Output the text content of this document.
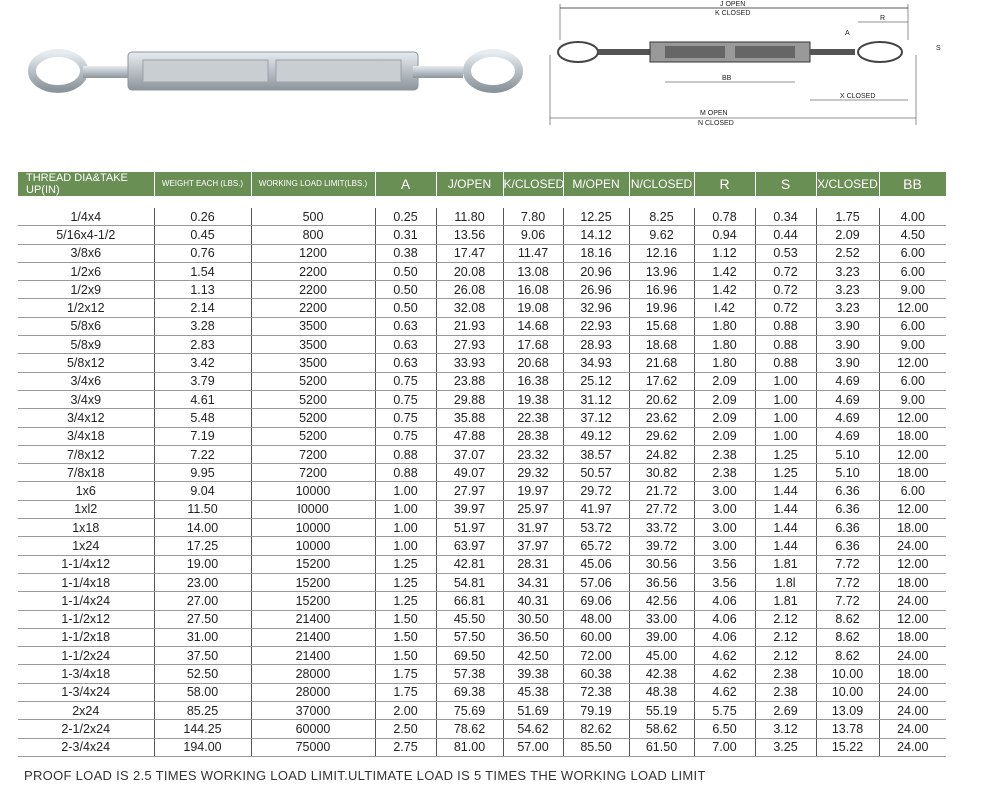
J OPEN
K CLOSED
R
A
S
BB
X CLOSED
M OPEN
N CLOSED
THREAD DIA&TAKE UP(IN)	WEIGHT EACH (LBS.)	WORKING LOAD LIMIT(LBS.)	A	J/OPEN	K/CLOSED	M/OPEN	N/CLOSED	R	S	X/CLOSED	BB

1/4x4	0.26	500	0.25	11.80	7.80	12.25	8.25	0.78	0.34	1.75	4.00
5/16x4-1/2	0.45	800	0.31	13.56	9.06	14.12	9.62	0.94	0.44	2.09	4.50
3/8x6	0.76	1200	0.38	17.47	11.47	18.16	12.16	1.12	0.53	2.52	6.00
1/2x6	1.54	2200	0.50	20.08	13.08	20.96	13.96	1.42	0.72	3.23	6.00
1/2x9	1.13	2200	0.50	26.08	16.08	26.96	16.96	1.42	0.72	3.23	9.00
1/2x12	2.14	2200	0.50	32.08	19.08	32.96	19.96	I.42	0.72	3.23	12.00
5/8x6	3.28	3500	0.63	21.93	14.68	22.93	15.68	1.80	0.88	3.90	6.00
5/8x9	2.83	3500	0.63	27.93	17.68	28.93	18.68	1.80	0.88	3.90	9.00
5/8x12	3.42	3500	0.63	33.93	20.68	34.93	21.68	1.80	0.88	3.90	12.00
3/4x6	3.79	5200	0.75	23.88	16.38	25.12	17.62	2.09	1.00	4.69	6.00
3/4x9	4.61	5200	0.75	29.88	19.38	31.12	20.62	2.09	1.00	4.69	9.00
3/4x12	5.48	5200	0.75	35.88	22.38	37.12	23.62	2.09	1.00	4.69	12.00
3/4x18	7.19	5200	0.75	47.88	28.38	49.12	29.62	2.09	1.00	4.69	18.00
7/8x12	7.22	7200	0.88	37.07	23.32	38.57	24.82	2.38	1.25	5.10	12.00
7/8x18	9.95	7200	0.88	49.07	29.32	50.57	30.82	2.38	1.25	5.10	18.00
1x6	9.04	10000	1.00	27.97	19.97	29.72	21.72	3.00	1.44	6.36	6.00
1xl2	11.50	I0000	1.00	39.97	25.97	41.97	27.72	3.00	1.44	6.36	12.00
1x18	14.00	10000	1.00	51.97	31.97	53.72	33.72	3.00	1.44	6.36	18.00
1x24	17.25	10000	1.00	63.97	37.97	65.72	39.72	3.00	1.44	6.36	24.00
1-1/4x12	19.00	15200	1.25	42.81	28.31	45.06	30.56	3.56	1.81	7.72	12.00
1-1/4x18	23.00	15200	1.25	54.81	34.31	57.06	36.56	3.56	1.8l	7.72	18.00
1-1/4x24	27.00	15200	1.25	66.81	40.31	69.06	42.56	4.06	1.81	7.72	24.00
1-1/2x12	27.50	21400	1.50	45.50	30.50	48.00	33.00	4.06	2.12	8.62	12.00
1-1/2x18	31.00	21400	1.50	57.50	36.50	60.00	39.00	4.06	2.12	8.62	18.00
1-1/2x24	37.50	21400	1.50	69.50	42.50	72.00	45.00	4.62	2.12	8.62	24.00
1-3/4x18	52.50	28000	1.75	57.38	39.38	60.38	42.38	4.62	2.38	10.00	18.00
1-3/4x24	58.00	28000	1.75	69.38	45.38	72.38	48.38	4.62	2.38	10.00	24.00
2x24	85.25	37000	2.00	75.69	51.69	79.19	55.19	5.75	2.69	13.09	24.00
2-1/2x24	144.25	60000	2.50	78.62	54.62	82.62	58.62	6.50	3.12	13.78	24.00
2-3/4x24	194.00	75000	2.75	81.00	57.00	85.50	61.50	7.00	3.25	15.22	24.00
PROOF LOAD IS 2.5 TIMES WORKING LOAD LIMIT.ULTIMATE LOAD IS 5 TIMES THE WORKING LOAD LIMIT
